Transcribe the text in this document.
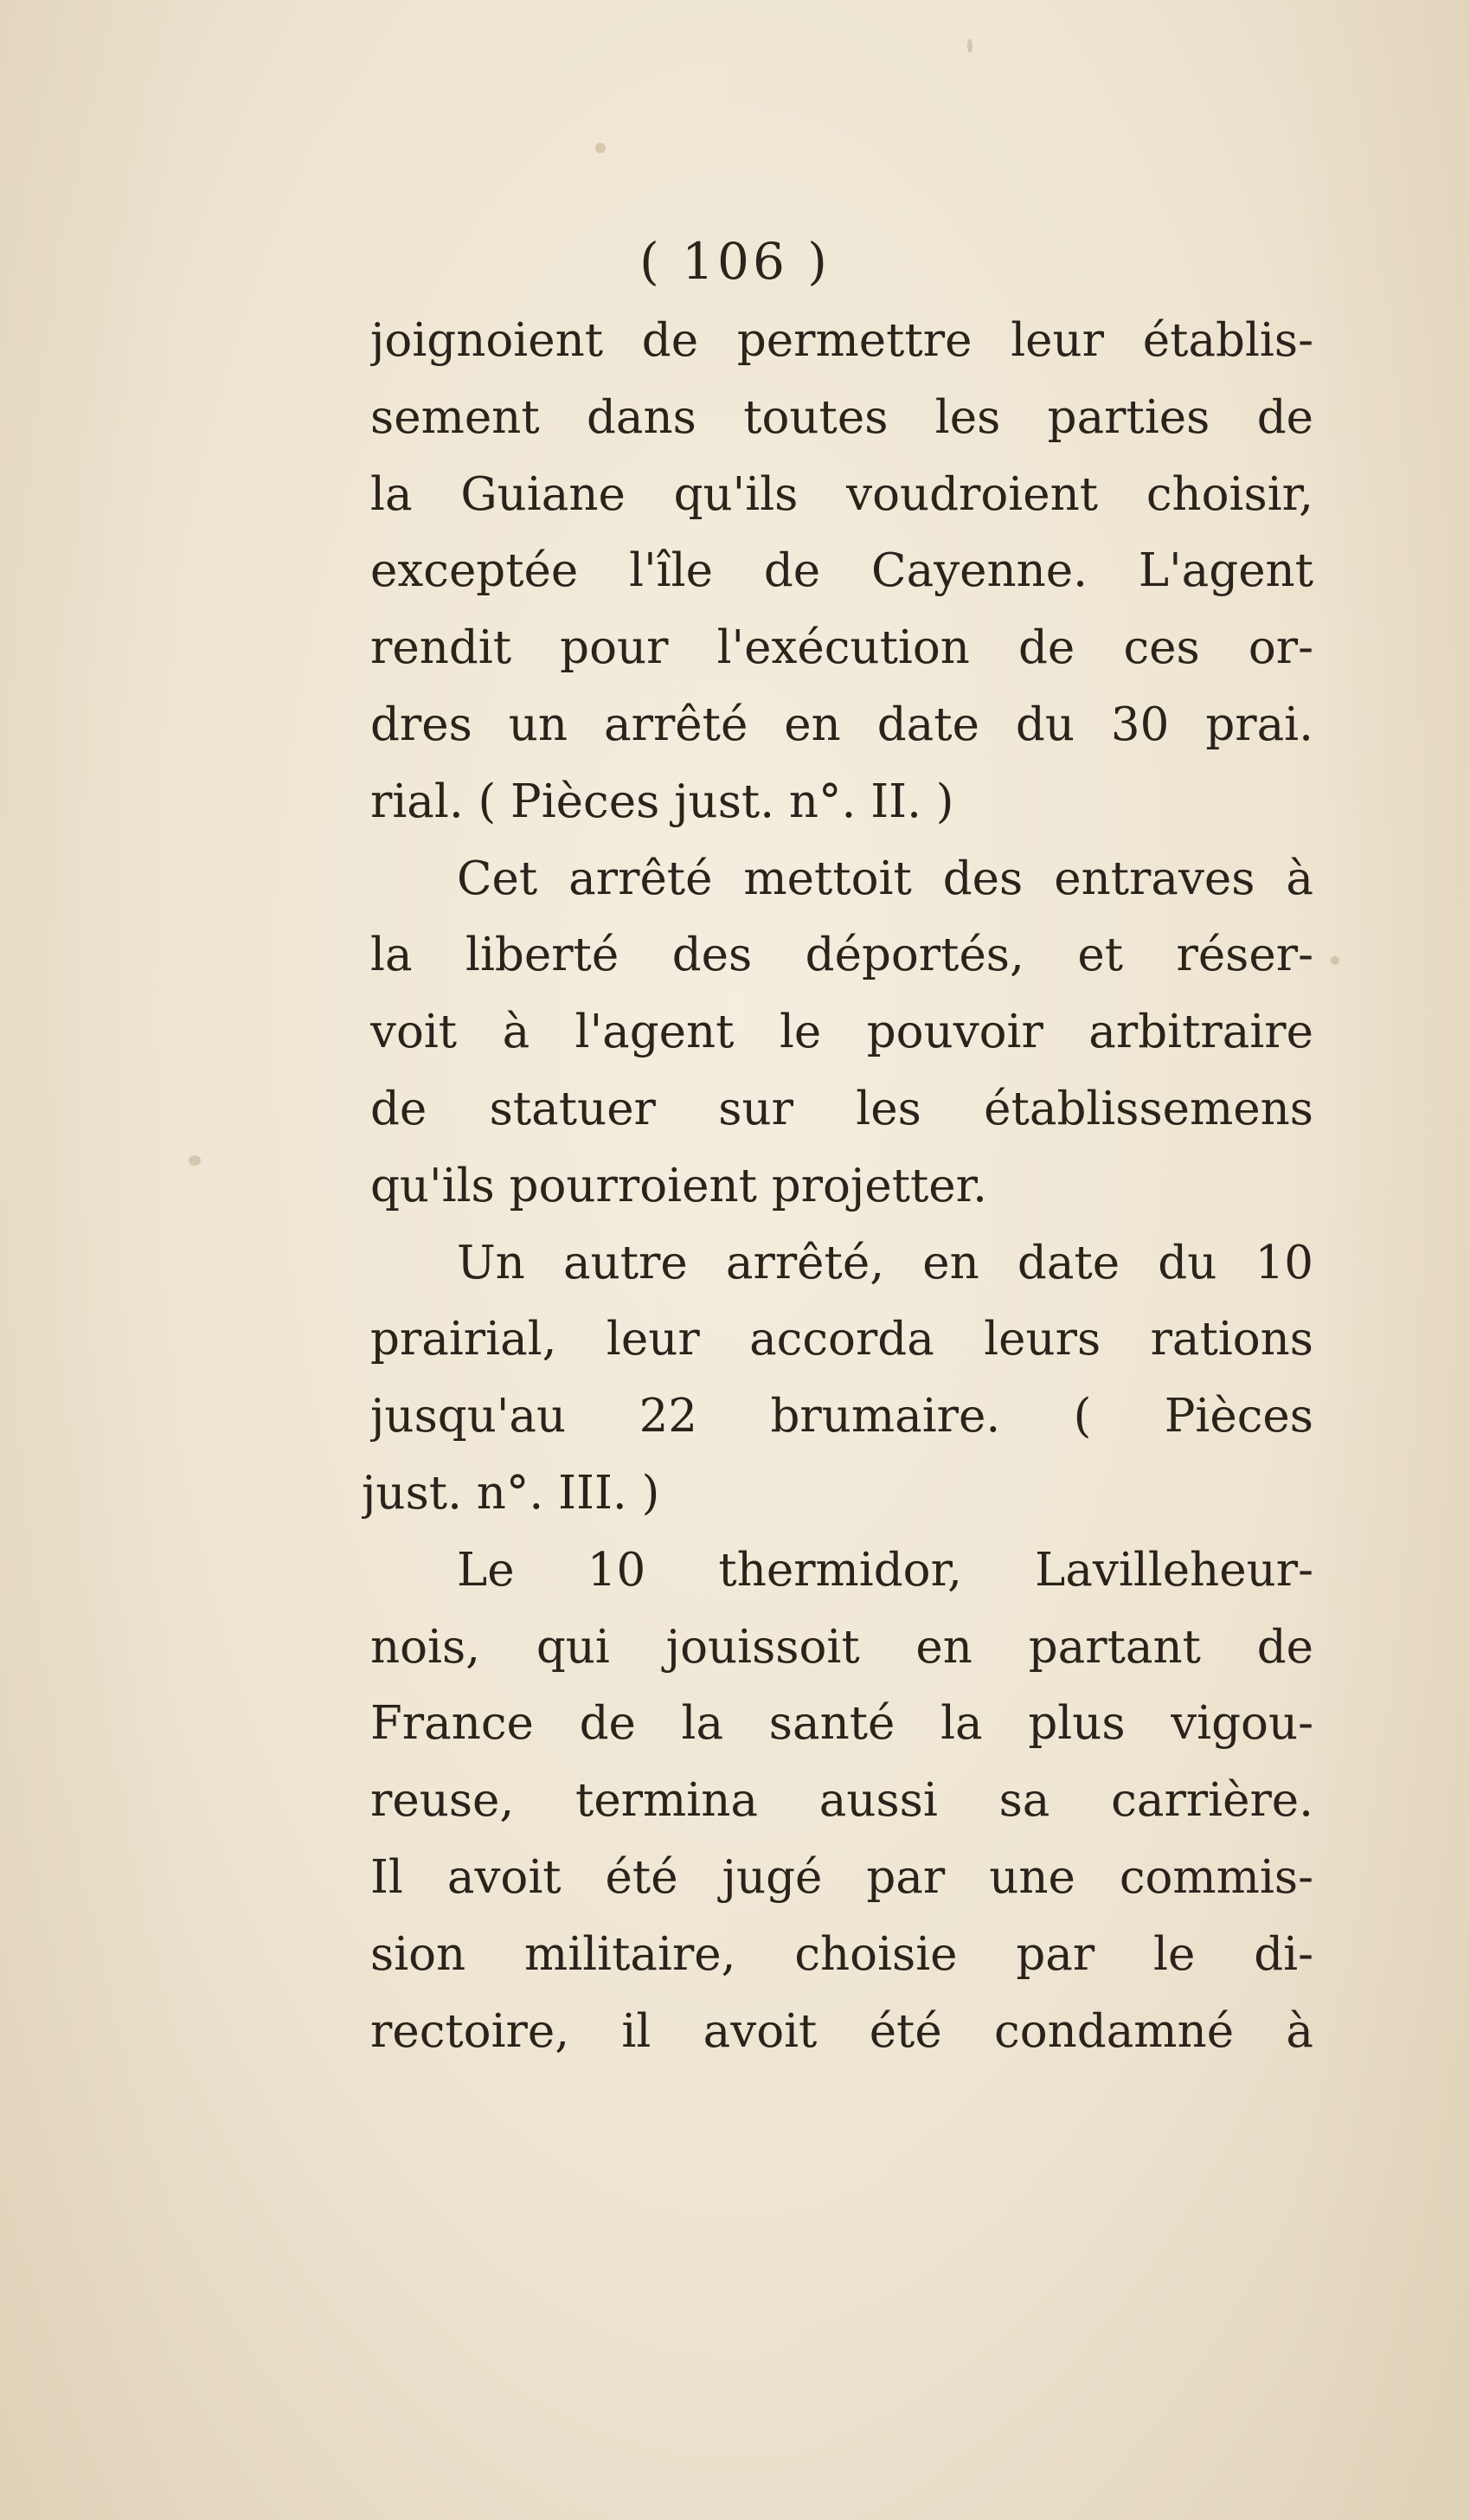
( 106 )
joignoient de permettre leur établis-
sement dans toutes les parties de
la Guiane qu'ils voudroient choisir,
exceptée l'île de Cayenne. L'agent
rendit pour l'exécution de ces or-
dres un arrêté en date du 30 prai.
rial. ( Pièces just. n°. II. )
Cet arrêté mettoit des entraves à
la liberté des déportés, et réser-
voit à l'agent le pouvoir arbitraire
de statuer sur les établissemens
qu'ils pourroient projetter.
Un autre arrêté, en date du 10
prairial, leur accorda leurs rations
jusqu'au 22 brumaire. ( Pièces
just. n°. III. )
Le 10 thermidor, Lavilleheur-
nois, qui jouissoit en partant de
France de la santé la plus vigou-
reuse, termina aussi sa carrière.
Il avoit été jugé par une commis-
sion militaire, choisie par le di-
rectoire, il avoit été condamné à
